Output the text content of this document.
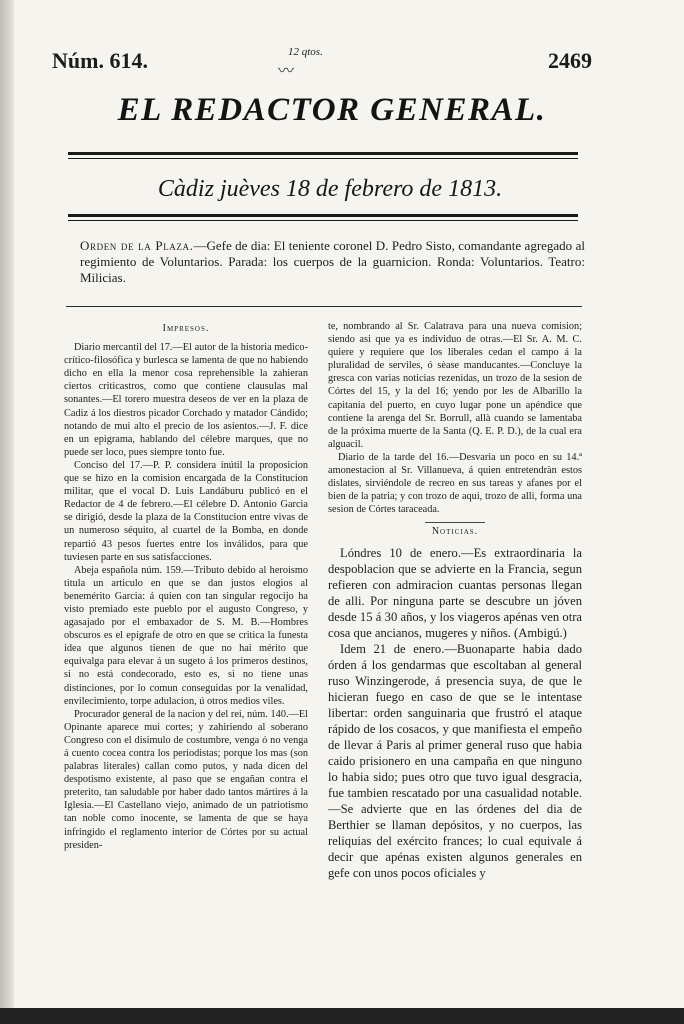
Núm. 614.	12 qtos.
〰	2469
EL REDACTOR GENERAL.
Càdiz juèves 18 de febrero de 1813.
Orden de la Plaza.—Gefe de dia: El teniente coronel D. Pedro Sisto, comandante agregado al regimiento de Voluntarios. Parada: los cuerpos de la guarnicion. Ronda: Voluntarios. Teatro: Milicias.

Impresos.

Diario mercantil del 17.—El autor de la historia medico-crítico-filosófica y burlesca se lamenta de que no habiendo dicho en ella la menor cosa reprehensible la zahieran ciertos criticastros, como que contiene clausulas mal sonantes.—El torero muestra deseos de ver en la plaza de Cadiz á los diestros picador Corchado y matador Cándido; notando de mui alto el precio de los asientos.—J. F. dice en un epigrama, hablando del célebre marques, que no puede ser loco, pues siempre tonto fue.

Conciso del 17.—P. P. considera inútil la proposicion que se hizo en la comision encargada de la Constitucion militar, que el vocal D. Luis Landáburu publicó en el Redactor de 4 de febrero.—El célebre D. Antonio Garcia se dirigió, desde la plaza de la Constitucion entre vivas de un numeroso séquito, al cuartel de la Bomba, en donde repartió 43 pesos fuertes entre los inválidos, para que tuviesen parte en sus satisfacciones.

Abeja española núm. 159.—Tributo debido al heroismo titula un articulo en que se dan justos elogios al benemérito Garcia: á quien con tan singular regocijo ha visto premiado este pueblo por el augusto Congreso, y agasajado por el embaxador de S. M. B.—Hombres obscuros es el epígrafe de otro en que se critica la funesta idea que algunos tienen de que no hai mérito que equivalga para elevar á un sugeto á los primeros destinos, si no está condecorado, esto es, si no tiene unas distinciones, por lo comun conseguidas por la venalidad, envilecimiento, torpe adulacion, ú otros medios viles.

Procurador general de la nacion y del rei, núm. 140.—El Opinante aparece mui cortes; y zahiriendo al soberano Congreso con el disimulo de costumbre, venga ó no venga á cuento cocea contra los periodistas; porque los mas (son palabras literales) callan como putos, y nada dicen del despotismo existente, al paso que se engañan contra el preterito, tan saludable por haber dado tantos mártires á la Iglesia.—El Castellano viejo, animado de un patriotismo tan noble como inocente, se lamenta de que se haya infringido el reglamento interior de Córtes por su actual presiden-

te, nombrando al Sr. Calatrava para una nueva comision; siendo asi que ya es individuo de otras.—El Sr. A. M. C. quiere y requiere que los liberales cedan el campo á la pluralidad de serviles, ó sèase manducantes.—Concluye la gresca con varias noticias rezenidas, un trozo de la sesion de Córtes del 15, y la del 16; yendo por les de Albarillo la capitania del puerto, en cuyo lugar pone un apéndice que contiene la arenga del Sr. Borrull, allà cuando se lamentaba de la próxima muerte de la Santa (Q. E. P. D.), de la cual era alguacil.

Diario de la tarde del 16.—Desvaria un poco en su 14.ª amonestacion al Sr. Villanueva, á quien entretendràn estos dislates, sirviéndole de recreo en sus tareas y afanes por el bien de la patria; y con trozo de aqui, trozo de alli, forma una sesion de Córtes taraceada.

Noticias.

Lóndres 10 de enero.—Es extraordinaria la despoblacion que se advierte en la Francia, segun refieren con admiracion cuantas personas llegan de alli. Por ninguna parte se descubre un jóven desde 15 á 30 años, y los viageros apénas ven otra cosa que ancianos, mugeres y niños. (Ambigú.)

Idem 21 de enero.—Buonaparte habia dado órden á los gendarmas que escoltaban al general ruso Winzingerode, á presencia suya, de que le hicieran fuego en caso de que se le intentase libertar: orden sanguinaria que frustró el ataque rápido de los cosacos, y que manifiesta el empeño de llevar á Paris al primer general ruso que habia caido prisionero en una campaña en que ninguno lo habia sido; pues otro que tuvo igual desgracia, fue tambien rescatado por una casualidad notable.—Se advierte que en las órdenes del dia de Berthier se llaman depósitos, y no cuerpos, las reliquias del exército frances; lo cual equivale á decir que apénas existen algunos generales en gefe con unos pocos oficiales y
